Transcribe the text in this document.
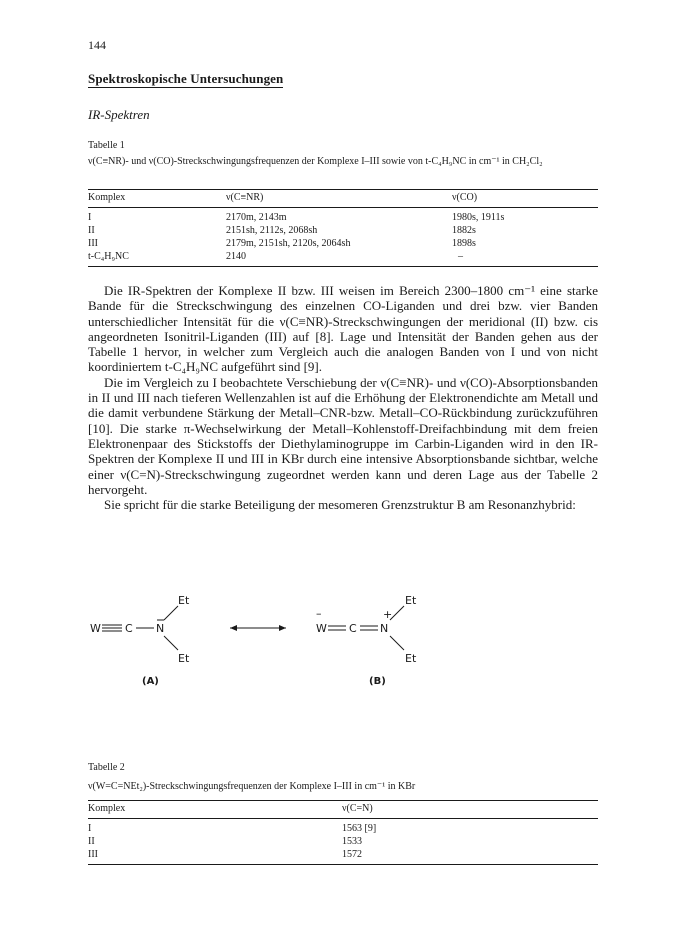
144
Spektroskopische Untersuchungen
IR-Spektren
Tabelle 1
ν(C≡NR)- und ν(CO)-Streckschwingungsfrequenzen der Komplexe I–III sowie von t-C₄H₉NC in cm⁻¹ in CH₂Cl₂
Komplex	ν(C≡NR)	ν(CO)
I	2170m, 2143m	1980s, 1911s
II	2151sh, 2112s, 2068sh	1882s
III	2179m, 2151sh, 2120s, 2064sh	1898s
t-C₄H₉NC	2140	–

Die IR-Spektren der Komplexe II bzw. III weisen im Bereich 2300–1800 cm⁻¹ eine starke Bande für die Streckschwingung des einzelnen CO-Liganden und drei bzw. vier Banden unterschiedlicher Intensität für die ν(C≡NR)-Streckschwingungen der meridional (II) bzw. cis angeordneten Isonitril-Liganden (III) auf [8]. Lage und Intensität der Banden gehen aus der Tabelle 1 hervor, in welcher zum Vergleich auch die analogen Banden von I und von nicht koordiniertem t-C₄H₉NC aufgeführt sind [9].

Die im Vergleich zu I beobachtete Verschiebung der ν(C≡NR)- und ν(CO)-Absorptionsbanden in II und III nach tieferen Wellenzahlen ist auf die Erhöhung der Elektronendichte am Metall und die damit verbundene Stärkung der Metall–CNR-bzw. Metall–CO-Rückbindung zurückzuführen [10]. Die starke π-Wechselwirkung der Metall–Kohlenstoff-Dreifachbindung mit dem freien Elektronenpaar des Stickstoffs der Diethylaminogruppe im Carbin-Liganden wird in den IR-Spektren der Komplexe II und III in KBr durch eine intensive Absorptionsbande sichtbar, welche einer ν(C=N)-Streckschwingung zugeordnet werden kann und deren Lage aus der Tabelle 2 hervorgeht.

Sie spricht für die starke Beteiligung der mesomeren Grenzstruktur B am Resonanzhybrid:

W C N
Et
Et
W
–
C N
+
Et
Et
(A)	(B)
Tabelle 2
ν(W=C=NEt₂)-Streckschwingungsfrequenzen der Komplexe I–III in cm⁻¹ in KBr
Komplex	ν(C=N)
I	1563 [9]
II	1533
III	1572
